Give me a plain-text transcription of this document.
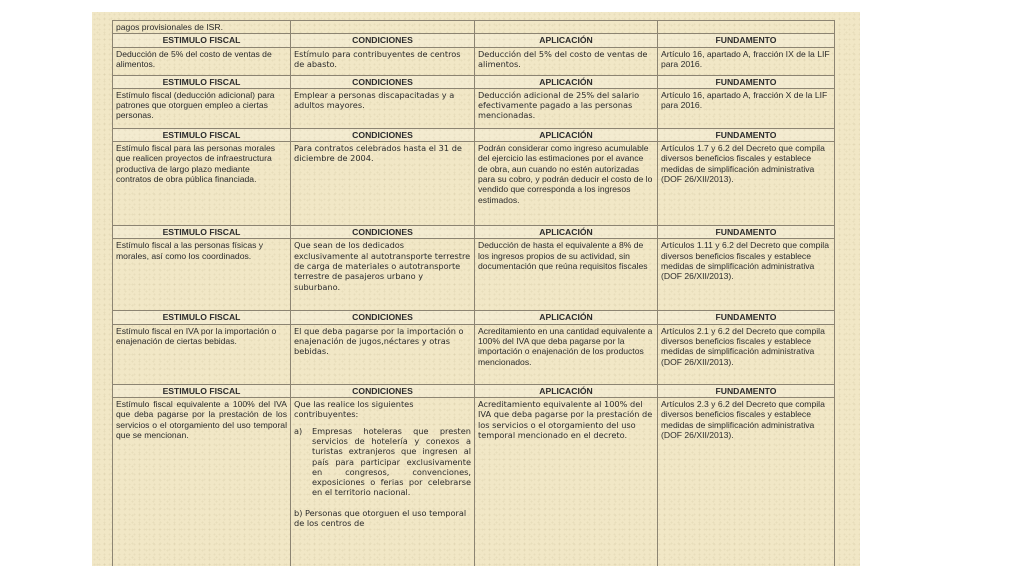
pagos provisionales de ISR.			
ESTIMULO FISCAL	CONDICIONES	APLICACIÓN	FUNDAMENTO
Deducción de 5% del costo de ventas de alimentos.	Estímulo para contribuyentes de centros de abasto.	Deducción del 5% del costo de ventas de alimentos.	Artículo 16, apartado A, fracción IX de la LIF para 2016.
ESTIMULO FISCAL	CONDICIONES	APLICACIÓN	FUNDAMENTO
Estímulo fiscal (deducción adicional) para patrones que otorguen empleo a ciertas personas.	Emplear a personas discapacitadas y a adultos mayores.	Deducción adicional de 25% del salario efectivamente pagado a las personas mencionadas.	Artículo 16, apartado A, fracción X de la LIF para 2016.
ESTIMULO FISCAL	CONDICIONES	APLICACIÓN	FUNDAMENTO
Estímulo fiscal para las personas morales que realicen proyectos de infraestructura productiva de largo plazo mediante contratos de obra pública financiada.	Para contratos celebrados hasta el 31 de diciembre de 2004.	Podrán considerar como ingreso acumulable del ejercicio las estimaciones por el avance de obra, aun cuando no estén autorizadas para su cobro, y podrán deducir el costo de lo vendido que corresponda a los ingresos estimados.	Artículos 1.7 y 6.2 del Decreto que compila diversos beneficios fiscales y establece medidas de simplificación administrativa (DOF 26/XII/2013).
ESTIMULO FISCAL	CONDICIONES	APLICACIÓN	FUNDAMENTO
Estímulo fiscal a las personas físicas y morales, así como los coordinados.	Que sean de los dedicados exclusivamente al autotransporte terrestre de carga de materiales o autotransporte terrestre de pasajeros urbano y suburbano.	Deducción de hasta el equivalente a 8% de los ingresos propios de su actividad, sin documentación que reúna requisitos fiscales	Artículos 1.11 y 6.2 del Decreto que compila diversos beneficios fiscales y establece medidas de simplificación administrativa (DOF 26/XII/2013).
ESTIMULO FISCAL	CONDICIONES	APLICACIÓN	FUNDAMENTO
Estímulo fiscal en IVA por la importación o enajenación de ciertas bebidas.	El que deba pagarse por la importación o enajenación de jugos,néctares y otras bebidas.	Acreditamiento en una cantidad equivalente a 100% del IVA que deba pagarse por la importación o enajenación de los productos mencionados.	Artículos 2.1 y 6.2 del Decreto que compila diversos beneficios fiscales y establece medidas de simplificación administrativa (DOF 26/XII/2013).
ESTIMULO FISCAL	CONDICIONES	APLICACIÓN	FUNDAMENTO
Estímulo fiscal equivalente a 100% del IVA que deba pagarse por la prestación de los servicios o el otorgamiento del uso temporal que se mencionan.	Que las realice los siguientes contribuyentes:

a) Empresas hoteleras que presten servicios de hotelería y conexos a turistas extranjeros que ingresen al país para participar exclusivamente en congresos, convenciones, exposiciones o ferias por celebrarse en el territorio nacional.

b) Personas que otorguen el uso temporal de los centros de	Acreditamiento equivalente al 100% del IVA que deba pagarse por la prestación de los servicios o el otorgamiento del uso temporal mencionado en el decreto.	Artículos 2.3 y 6.2 del Decreto que compila diversos beneficios fiscales y establece medidas de simplificación administrativa (DOF 26/XII/2013).
